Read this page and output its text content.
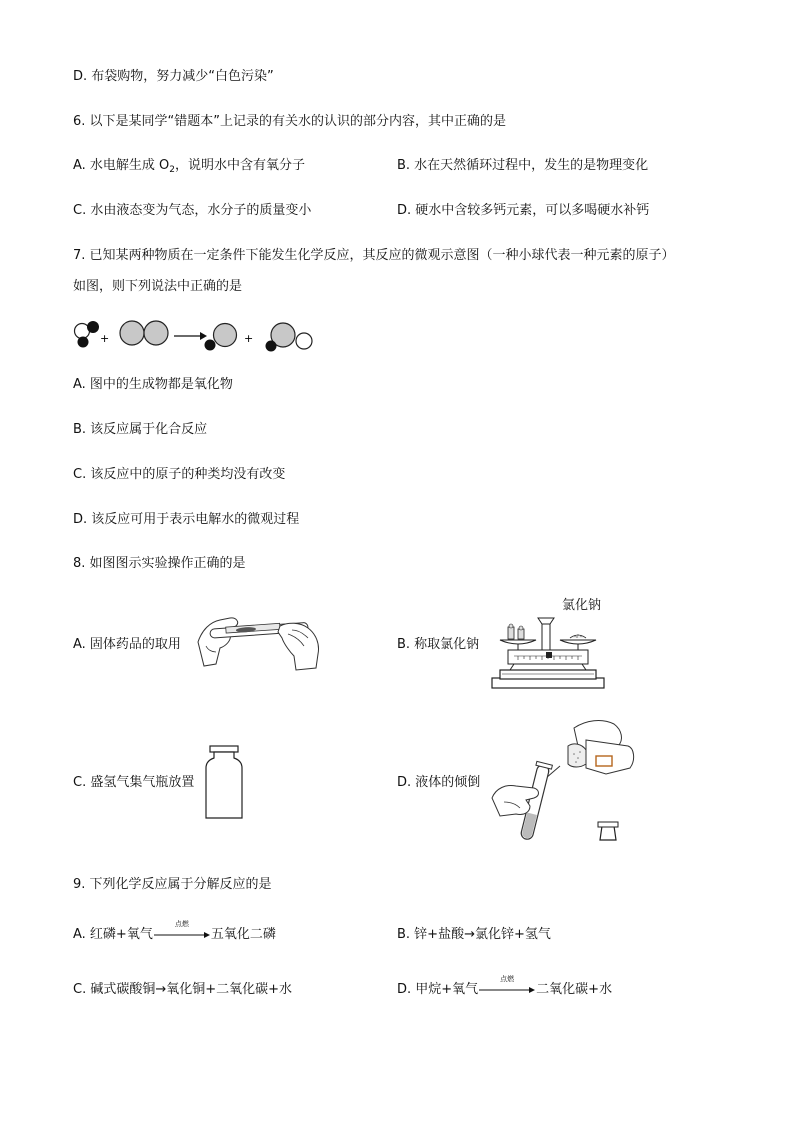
D. 布袋购物，努力减少“白色污染”
6. 以下是某同学“错题本”上记录的有关水的认识的部分内容，其中正确的是
A. 水电解生成 $O_2$，说明水中含有氧分子	B. 水在天然循环过程中，发生的是物理变化
C. 水由液态变为气态，水分子的质量变小	D. 硬水中含较多钙元素，可以多喝硬水补钙
7. 已知某两种物质在一定条件下能发生化学反应，其反应的微观示意图（一种小球代表一种元素的原子）
如图，则下列说法中正确的是
+	+
A. 图中的生成物都是氧化物
B. 该反应属于化合反应
C. 该反应中的原子的种类均没有改变
D. 该反应可用于表示电解水的微观过程
8. 如图图示实验操作正确的是
A. 固体药品的取用	B. 称取氯化钠
氯化钠
C. 盛氢气集气瓶放置	D. 液体的倾倒
9. 下列化学反应属于分解反应的是
A. 红磷+氧气
点燃
五氧化二磷	B. 锌+盐酸→氯化锌+氢气
C. 碱式碳酸铜→氧化铜+二氧化碳+水	D. 甲烷+氧气
点燃
二氧化碳+水
